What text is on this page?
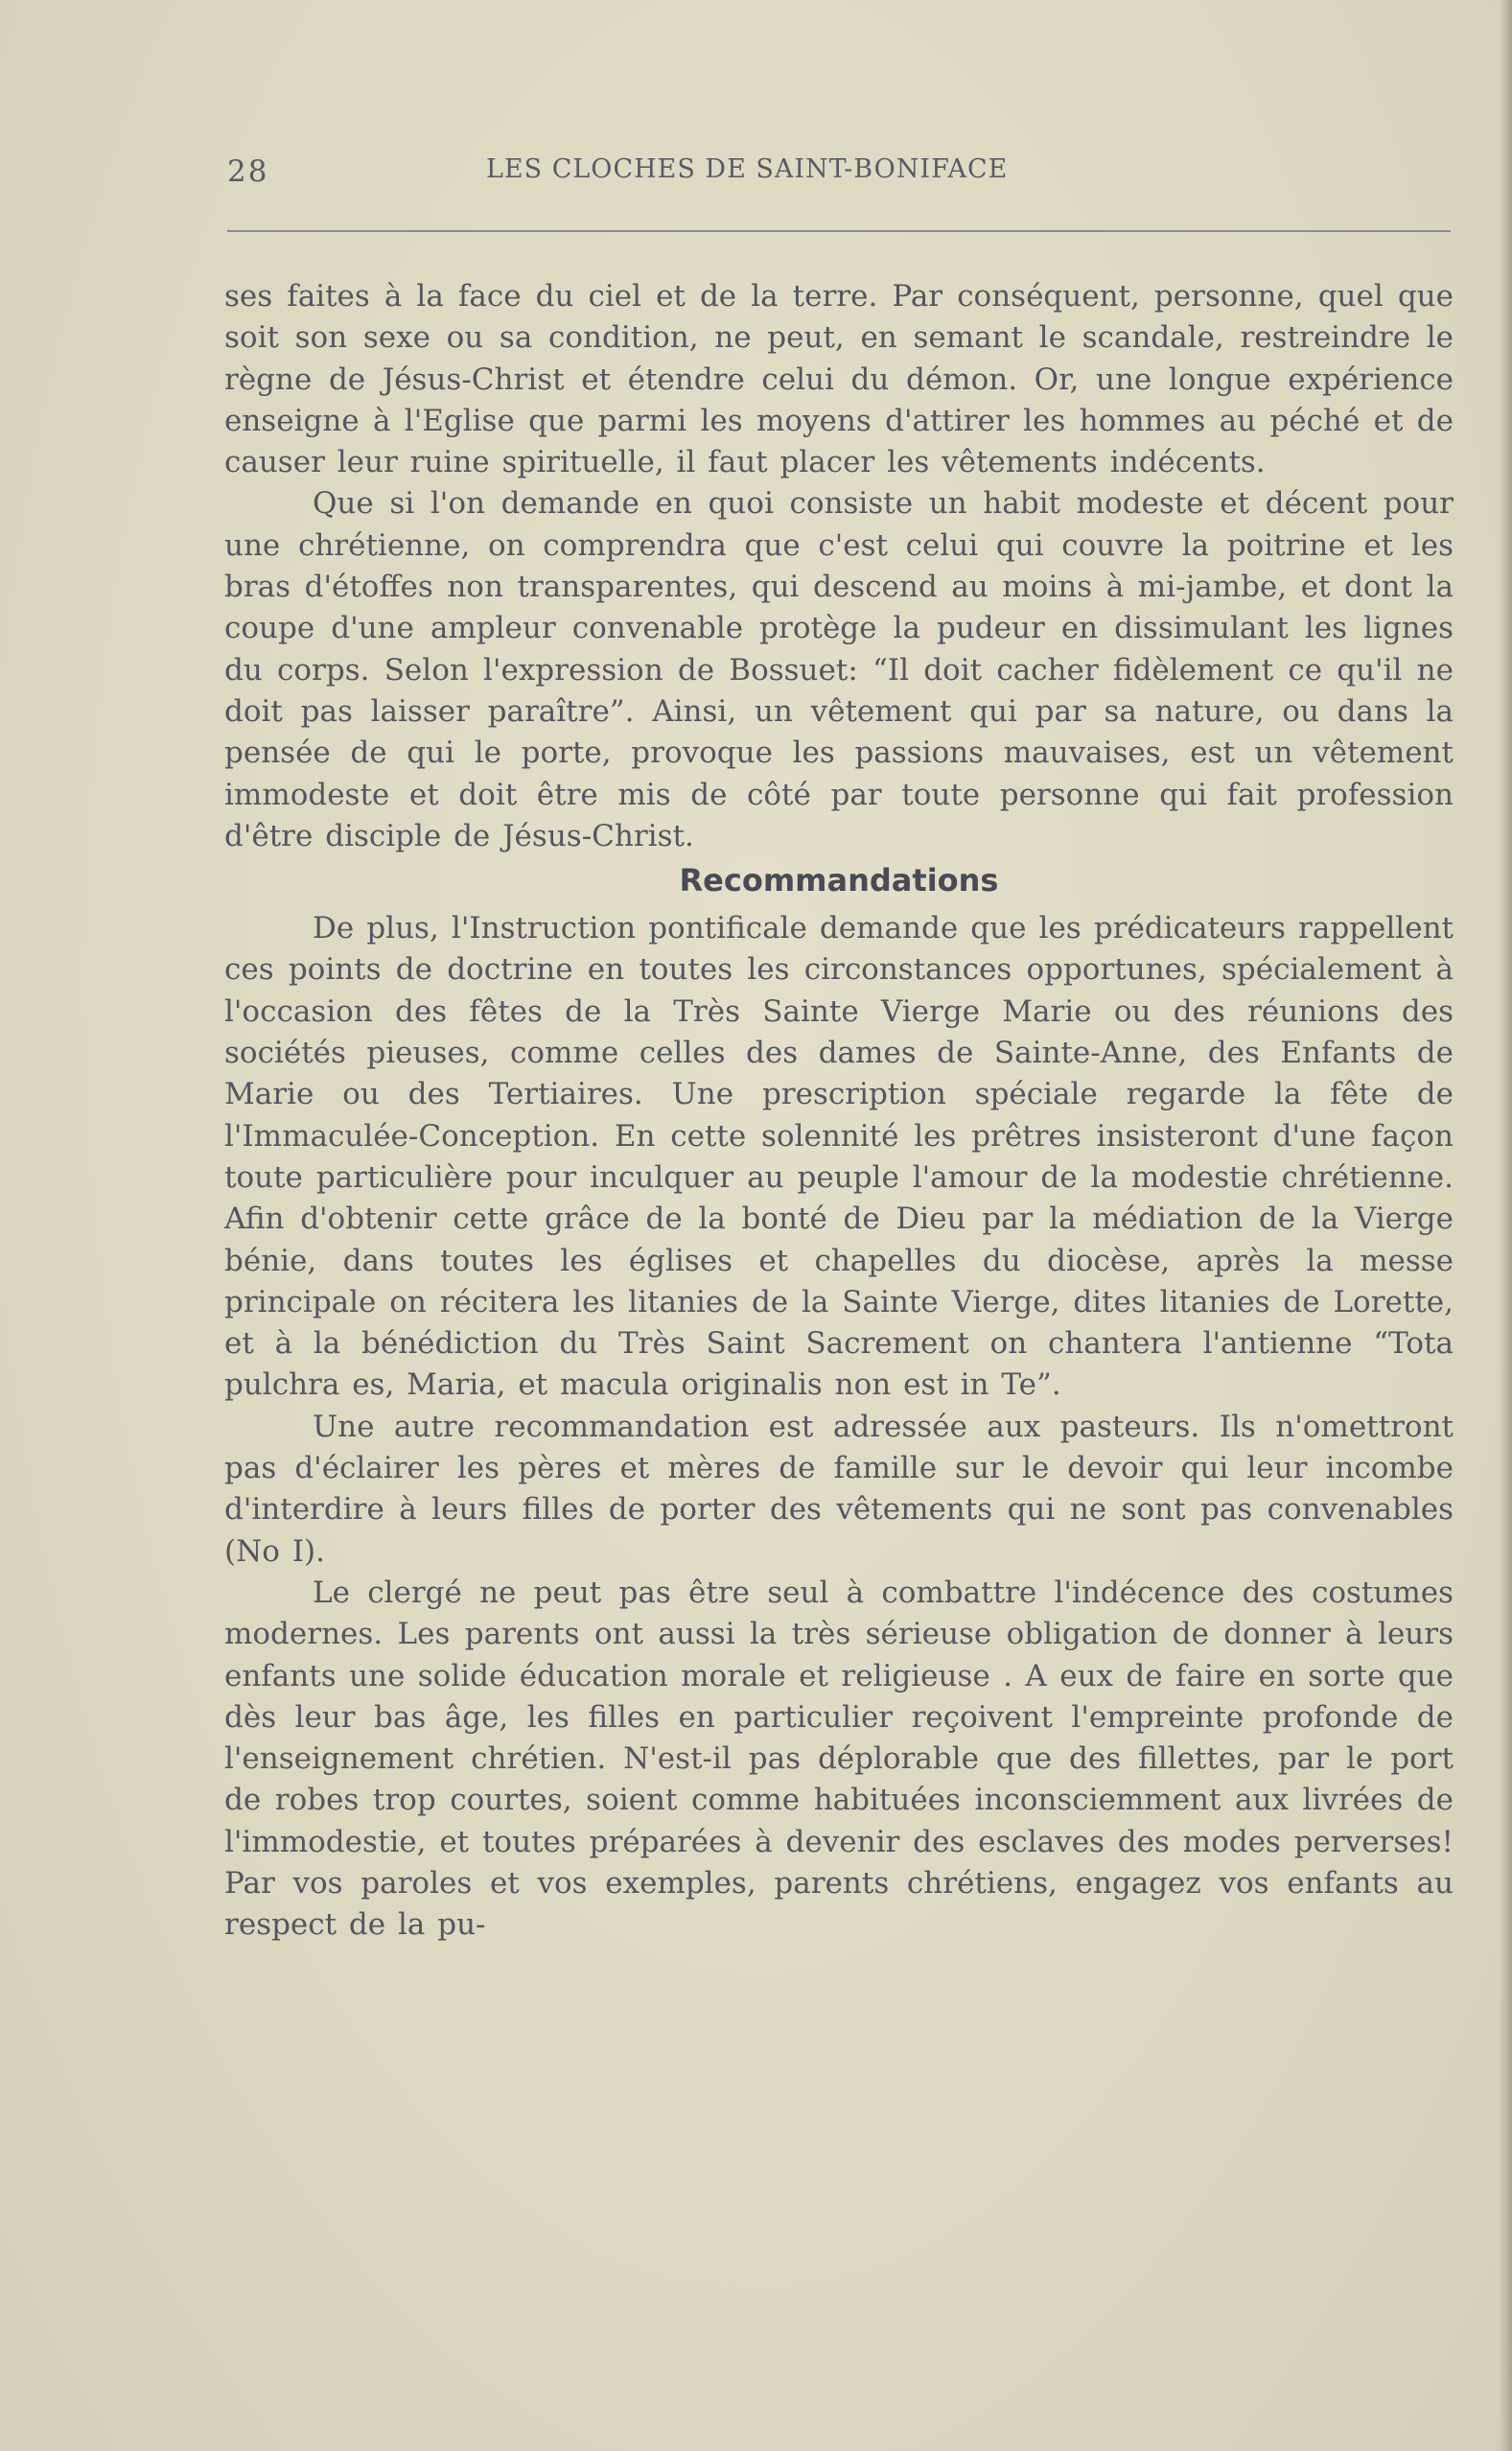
28	LES CLOCHES DE SAINT-BONIFACE

ses faites à la face du ciel et de la terre. Par conséquent, personne, quel que soit son sexe ou sa condition, ne peut, en semant le scandale, restreindre le règne de Jésus-Christ et étendre celui du démon. Or, une longue expérience enseigne à l'Eglise que parmi les moyens d'attirer les hommes au péché et de causer leur ruine spirituelle, il faut placer les vêtements indécents.

Que si l'on demande en quoi consiste un habit modeste et décent pour une chrétienne, on comprendra que c'est celui qui couvre la poitrine et les bras d'étoffes non transparentes, qui descend au moins à mi-jambe, et dont la coupe d'une ampleur convenable protège la pudeur en dissimulant les lignes du corps. Selon l'expression de Bossuet: “Il doit cacher fidèlement ce qu'il ne doit pas laisser paraître”. Ainsi, un vêtement qui par sa nature, ou dans la pensée de qui le porte, provoque les passions mauvaises, est un vêtement immodeste et doit être mis de côté par toute personne qui fait profession d'être disciple de Jésus-Christ.

Recommandations

De plus, l'Instruction pontificale demande que les prédicateurs rappellent ces points de doctrine en toutes les circonstances opportunes, spécialement à l'occasion des fêtes de la Très Sainte Vierge Marie ou des réunions des sociétés pieuses, comme celles des dames de Sainte-Anne, des Enfants de Marie ou des Tertiaires. Une prescription spéciale regarde la fête de l'Immaculée-Conception. En cette solennité les prêtres insisteront d'une façon toute particulière pour inculquer au peuple l'amour de la modestie chrétienne. Afin d'obtenir cette grâce de la bonté de Dieu par la médiation de la Vierge bénie, dans toutes les églises et chapelles du diocèse, après la messe principale on récitera les litanies de la Sainte Vierge, dites litanies de Lorette, et à la bénédiction du Très Saint Sacrement on chantera l'antienne “Tota pulchra es, Maria, et macula originalis non est in Te”.

Une autre recommandation est adressée aux pasteurs. Ils n'omettront pas d'éclairer les pères et mères de famille sur le devoir qui leur incombe d'interdire à leurs filles de porter des vêtements qui ne sont pas convenables (No I).

Le clergé ne peut pas être seul à combattre l'indécence des costumes modernes. Les parents ont aussi la très sérieuse obligation de donner à leurs enfants une solide éducation morale et religieuse . A eux de faire en sorte que dès leur bas âge, les filles en particulier reçoivent l'empreinte profonde de l'enseignement chrétien. N'est-il pas déplorable que des fillettes, par le port de robes trop courtes, soient comme habituées inconsciemment aux livrées de l'immodestie, et toutes préparées à devenir des esclaves des modes perverses! Par vos paroles et vos exemples, parents chrétiens, engagez vos enfants au respect de la pu-
